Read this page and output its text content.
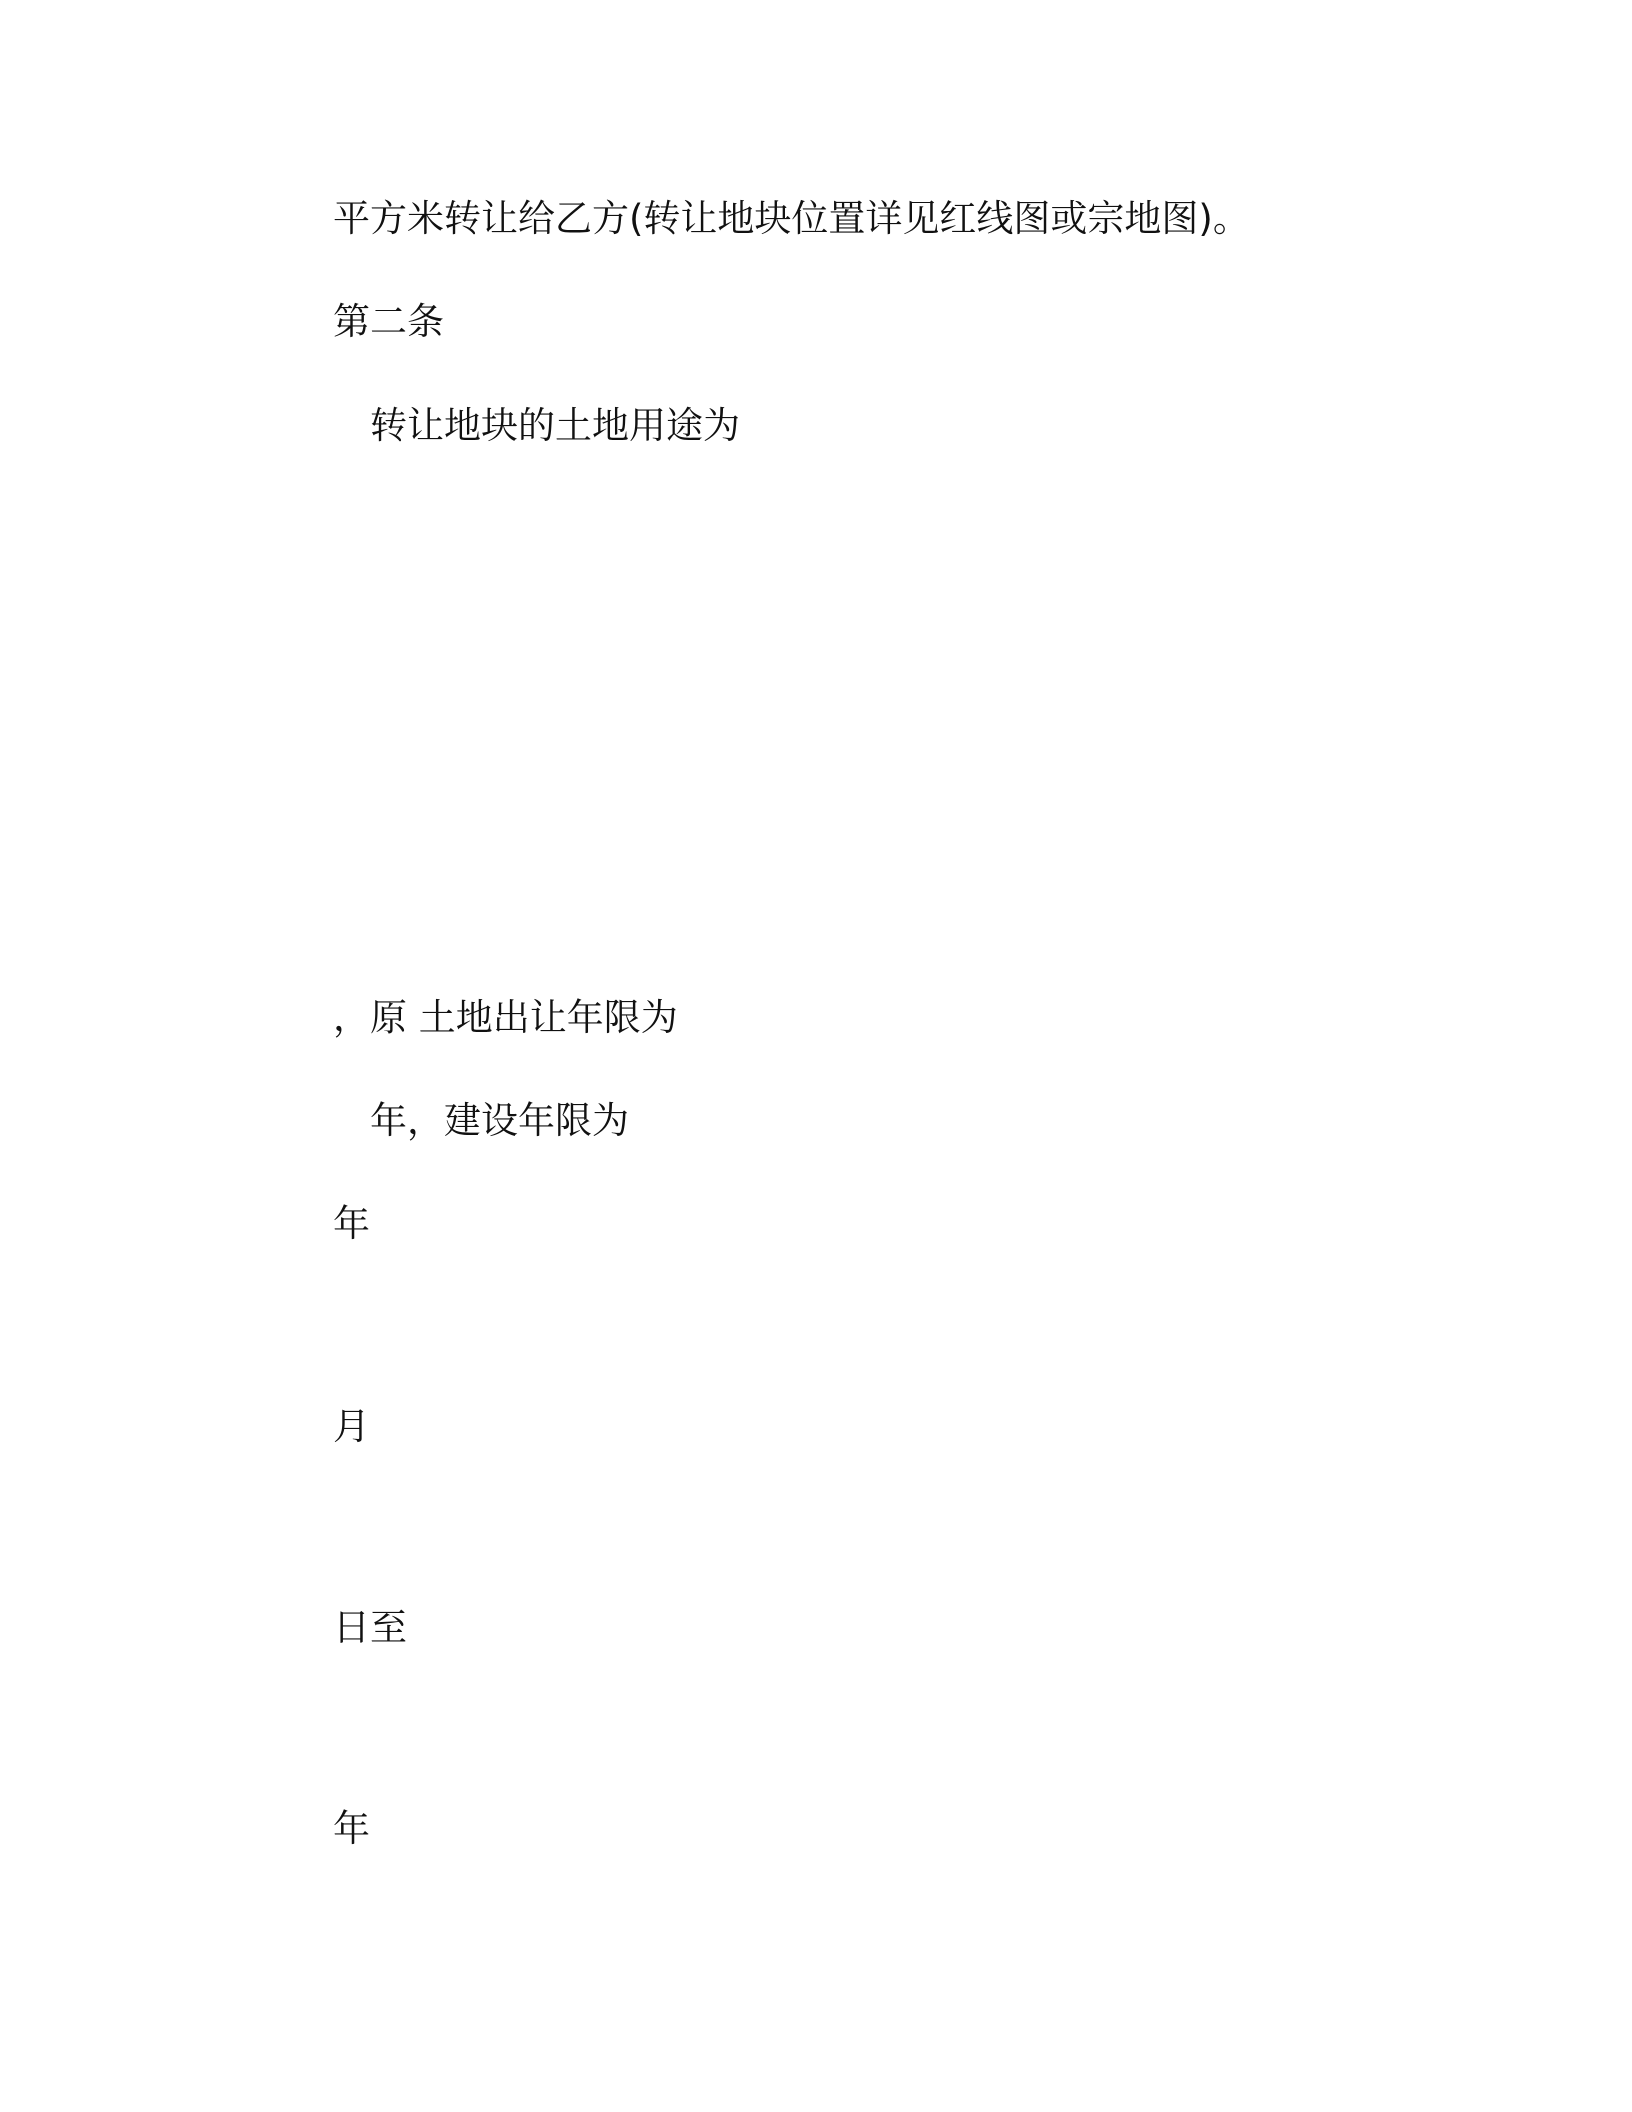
平方米转让给乙方(转让地块位置详见红线图或宗地图)。
第二条
转让地块的土地用途为
，原 土地出让年限为
年，建设年限为
年
月
日至
年
